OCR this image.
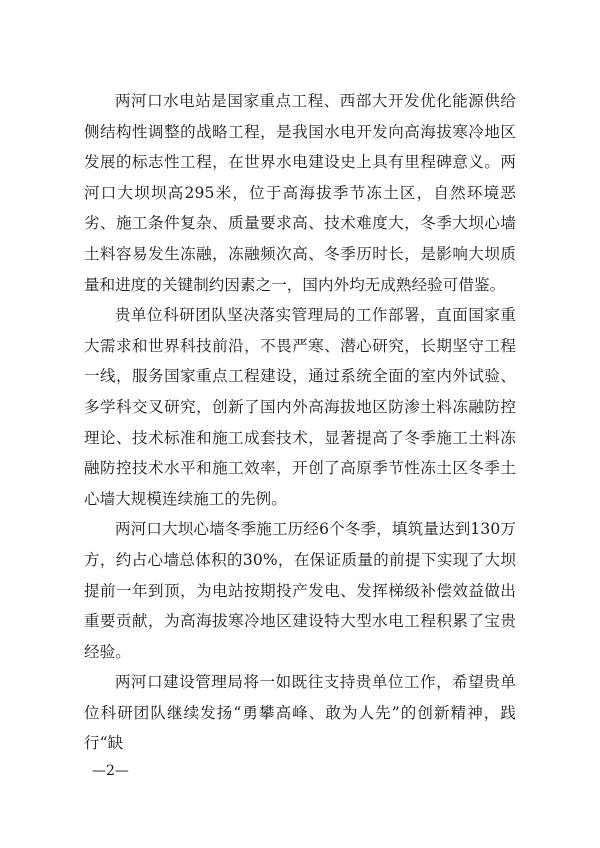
两河口水电站是国家重点工程、西部大开发优化能源供给侧结构性调整的战略工程，是我国水电开发向高海拔寒冷地区发展的标志性工程，在世界水电建设史上具有里程碑意义。两河口大坝坝高295米，位于高海拔季节冻土区，自然环境恶劣、施工条件复杂、质量要求高、技术难度大，冬季大坝心墙土料容易发生冻融，冻融频次高、冬季历时长，是影响大坝质量和进度的关键制约因素之一，国内外均无成熟经验可借鉴。

贵单位科研团队坚决落实管理局的工作部署，直面国家重大需求和世界科技前沿，不畏严寒、潜心研究，长期坚守工程一线，服务国家重点工程建设，通过系统全面的室内外试验、多学科交叉研究，创新了国内外高海拔地区防渗土料冻融防控理论、技术标准和施工成套技术，显著提高了冬季施工土料冻融防控技术水平和施工效率，开创了高原季节性冻土区冬季土心墙大规模连续施工的先例。

两河口大坝心墙冬季施工历经6个冬季，填筑量达到130万方，约占心墙总体积的30%，在保证质量的前提下实现了大坝提前一年到顶，为电站按期投产发电、发挥梯级补偿效益做出重要贡献，为高海拔寒冷地区建设特大型水电工程积累了宝贵经验。

两河口建设管理局将一如既往支持贵单位工作，希望贵单位科研团队继续发扬“勇攀高峰、敢为人先”的创新精神，践行“缺

—2—
